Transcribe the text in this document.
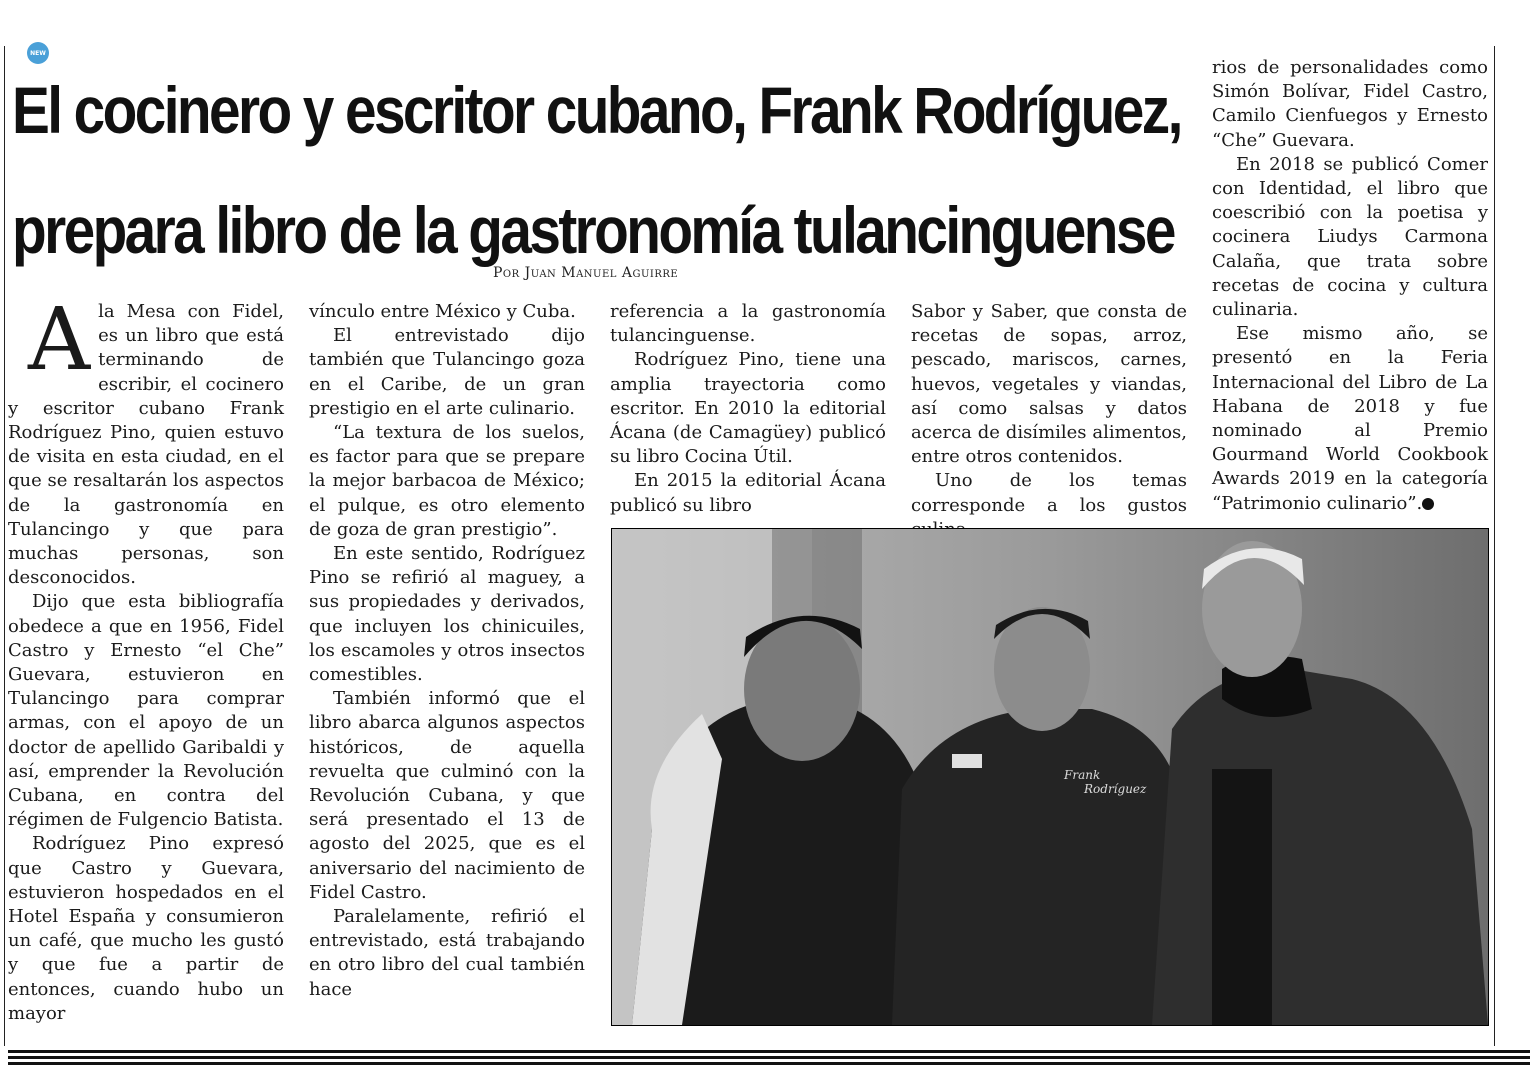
NEW
El cocinero y escritor cubano, Frank Rodríguez,
prepara libro de la gastronomía tulancinguense
Por Juan Manuel Aguirre
A la Mesa con Fidel, es un libro que está terminando de escribir, el cocinero y escritor cubano Frank Rodríguez Pino, quien estuvo de visita en esta ciudad, en el que se resaltarán los aspectos de la gastronomía en Tulancingo y que para muchas personas, son desconocidos.

Dijo que esta bibliografía obedece a que en 1956, Fidel Castro y Ernesto “el Che” Guevara, estuvieron en Tulancingo para comprar armas, con el apoyo de un doctor de apellido Garibaldi y así, emprender la Revolución Cubana, en contra del régimen de Fulgencio Batista.

Rodríguez Pino expresó que Castro y Guevara, estuvieron hospedados en el Hotel España y consumieron un café, que mucho les gustó y que fue a partir de entonces, cuando hubo un mayor

vínculo entre México y Cuba.

El entrevistado dijo también que Tulancingo goza en el Caribe, de un gran prestigio en el arte culinario.

“La textura de los suelos, es factor para que se prepare la mejor barbacoa de México; el pulque, es otro elemento de goza de gran prestigio”.

En este sentido, Rodríguez Pino se refirió al maguey, a sus propiedades y derivados, que incluyen los chinicuiles, los escamoles y otros insectos comestibles.

También informó que el libro abarca algunos aspectos históricos, de aquella revuelta que culminó con la Revolución Cubana, y que será presentado el 13 de agosto del 2025, que es el aniversario del nacimiento de Fidel Castro.

Paralelamente, refirió el entrevistado, está trabajando en otro libro del cual también hace

referencia a la gastronomía tulancinguense.

Rodríguez Pino, tiene una amplia trayectoria como escritor. En 2010 la editorial Ácana (de Camagüey) publicó su libro Cocina Útil.

En 2015 la editorial Ácana publicó su libro

Sabor y Saber, que consta de recetas de sopas, arroz, pescado, mariscos, carnes, huevos, vegetales y viandas, así como salsas y datos acerca de disímiles alimentos, entre otros contenidos.

Uno de los temas corresponde a los gustos

rios de personalidades como Simón Bolívar, Fidel Castro, Camilo Cienfuegos y Ernesto “Che” Guevara.

En 2018 se publicó Comer con Identidad, el libro que coescribió con la poetisa y cocinera Liudys Carmona Calaña, que trata sobre recetas de cocina y cultura culinaria.

Ese mismo año, se presentó en la Feria Internacional del Libro de La Habana de 2018 y fue nominado al Premio Gourmand World Cookbook Awards 2019 en la categoría “Patrimonio culinario”.	R

Frank
Rodríguez
